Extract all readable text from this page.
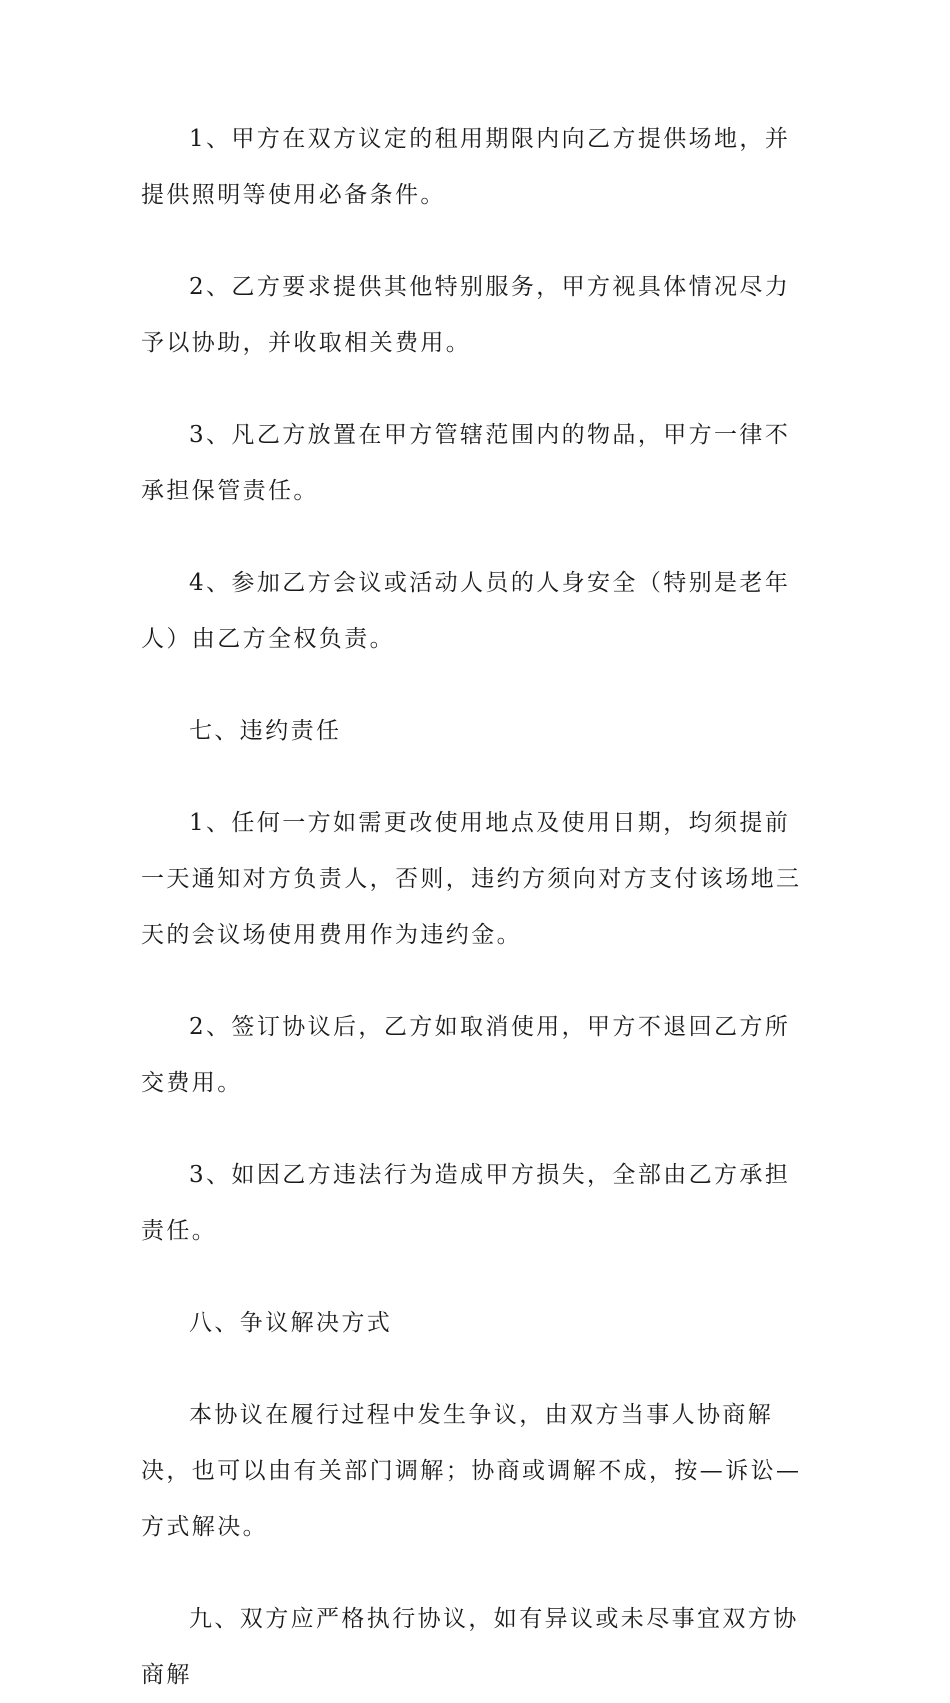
1、甲方在双方议定的租用期限内向乙方提供场地，并提供照明等使用必备条件。

2、乙方要求提供其他特别服务，甲方视具体情况尽力予以协助，并收取相关费用。

3、凡乙方放置在甲方管辖范围内的物品，甲方一律不承担保管责任。

4、参加乙方会议或活动人员的人身安全（特别是老年人）由乙方全权负责。

七、违约责任

1、任何一方如需更改使用地点及使用日期，均须提前一天通知对方负责人，否则，违约方须向对方支付该场地三天的会议场使用费用作为违约金。

2、签订协议后，乙方如取消使用，甲方不退回乙方所交费用。

3、如因乙方违法行为造成甲方损失，全部由乙方承担责任。

八、争议解决方式

本协议在履行过程中发生争议，由双方当事人协商解决，也可以由有关部门调解；协商或调解不成，按—诉讼—方式解决。

九、双方应严格执行协议，如有异议或未尽事宜双方协商解
